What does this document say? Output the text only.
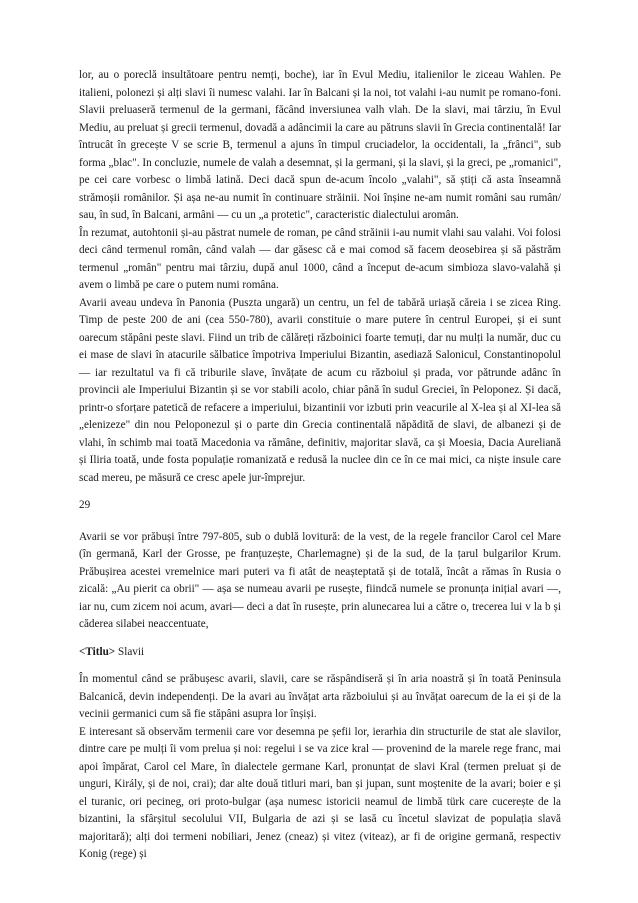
lor, au o poreclă insultătoare pentru nemți, boche), iar în Evul Mediu, italienilor le ziceau Wahlen. Pe italieni, polonezi și alți slavi îi numesc valahi. Iar în Balcani și la noi, tot valahi i-au numit pe romano-foni. Slavii preluaseră termenul de la germani, făcând inversiunea valh vlah. De la slavi, mai târziu, în Evul Mediu, au preluat și grecii termenul, dovadă a adâncimii la care au pătruns slavii în Grecia continentală! Iar întrucât în grecește V se scrie B, termenul a ajuns în timpul cruciadelor, la occidentali, la „frânci", sub forma „blac". In concluzie, numele de valah a desemnat, și la germani, și la slavi, și la greci, pe „romanici", pe cei care vorbesc o limbă latină. Deci dacă spun de-acum încolo „valahi", să știți că asta înseamnă strămoșii românilor. Și așa ne-au numit în continuare străinii. Noi înșine ne-am numit români sau rumân/ sau, în sud, în Balcani, armâni — cu un „a protetic", caracteristic dialectului aromân.

În rezumat, autohtonii și-au păstrat numele de roman, pe când străinii i-au numit vlahi sau valahi. Voi folosi deci când termenul român, când valah — dar găsesc că e mai comod să facem deosebirea și să păstrăm termenul „român" pentru mai târziu, după anul 1000, când a început de-acum simbioza slavo-valahă și avem o limbă pe care o putem numi româna.

Avarii aveau undeva în Panonia (Puszta ungară) un centru, un fel de tabără uriașă căreia i se zicea Ring. Timp de peste 200 de ani (cea 550-780), avarii constituie o mare putere în centrul Europei, și ei sunt oarecum stăpâni peste slavi. Fiind un trib de călăreți războinici foarte temuți, dar nu mulți la număr, duc cu ei mase de slavi în atacurile sălbatice împotriva Imperiului Bizantin, asediază Salonicul, Constantinopolul — iar rezultatul va fi că triburile slave, învățate de acum cu războiul și prada, vor pătrunde adânc în provincii ale Imperiului Bizantin și se vor stabili acolo, chiar până în sudul Greciei, în Peloponez. Și dacă, printr-o sforțare patetică de refacere a imperiului, bizantinii vor izbuti prin veacurile al X-lea și al XI-lea să „elenizeze" din nou Peloponezul și o parte din Grecia continentală năpădită de slavi, de albanezi și de vlahi, în schimb mai toată Macedonia va rămâne, definitiv, majoritar slavă, ca și Moesia, Dacia Aureliană și Iliria toată, unde fosta populație romanizată e redusă la nuclee din ce în ce mai mici, ca niște insule care scad mereu, pe măsură ce cresc apele jur-împrejur.

29

Avarii se vor prăbuși între 797-805, sub o dublă lovitură: de la vest, de la regele francilor Carol cel Mare (în germană, Karl der Grosse, pe franțuzește, Charlemagne) și de la sud, de la țarul bulgarilor Krum. Prăbușirea acestei vremelnice mari puteri va fi atât de neașteptată și de totală, încât a rămas în Rusia o zicală: „Au pierit ca obrii" — așa se numeau avarii pe rusește, fiindcă numele se pronunța inițial avari —, iar nu, cum zicem noi acum, avari— deci a dat în rusește, prin alunecarea lui a către o, trecerea lui v la b și căderea silabei neaccentuate,

<Titlu> Slavii

În momentul când se prăbușesc avarii, slavii, care se răspândiseră și în aria noastră și în toată Peninsula Balcanică, devin independenți. De la avari au învățat arta războiului și au învățat oarecum de la ei și de la vecinii germanici cum să fie stăpâni asupra lor înșiși.

E interesant să observăm termenii care vor desemna pe șefii lor, ierarhia din structurile de stat ale slavilor, dintre care pe mulți îi vom prelua și noi: regelui i se va zice kral — provenind de la marele rege franc, mai apoi împărat, Carol cel Mare, în dialectele germane Karl, pronunțat de slavi Kral (termen preluat și de unguri, Király, și de noi, crai); dar alte două titluri mari, ban și jupan, sunt moștenite de la avari; boier e și el turanic, ori pecineg, ori proto-bulgar (așa numesc istoricii neamul de limbă türk care cucerește de la bizantini, la sfârșitul secolului VII, Bulgaria de azi și se lasă cu încetul slavizat de populația slavă majoritară); alți doi termeni nobiliari, Jenez (cneaz) și vitez (viteaz), ar fi de origine germană, respectiv Konig (rege) și
